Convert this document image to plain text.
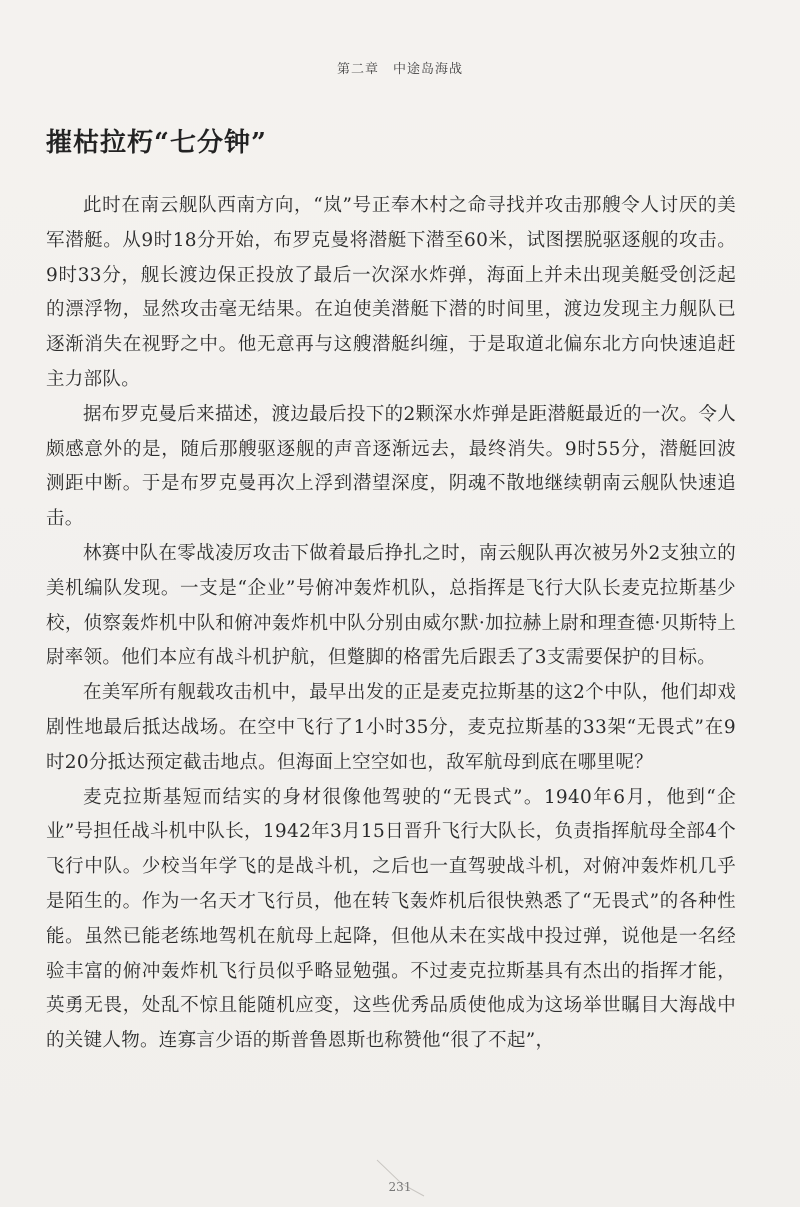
第二章 中途岛海战
摧枯拉朽“七分钟”

此时在南云舰队西南方向，“岚”号正奉木村之命寻找并攻击那艘令人讨厌的美军潜艇。从9时18分开始，布罗克曼将潜艇下潜至60米，试图摆脱驱逐舰的攻击。9时33分，舰长渡边保正投放了最后一次深水炸弹，海面上并未出现美艇受创泛起的漂浮物，显然攻击毫无结果。在迫使美潜艇下潜的时间里，渡边发现主力舰队已逐渐消失在视野之中。他无意再与这艘潜艇纠缠，于是取道北偏东北方向快速追赶主力部队。

据布罗克曼后来描述，渡边最后投下的2颗深水炸弹是距潜艇最近的一次。令人颇感意外的是，随后那艘驱逐舰的声音逐渐远去，最终消失。9时55分，潜艇回波测距中断。于是布罗克曼再次上浮到潜望深度，阴魂不散地继续朝南云舰队快速追击。

林赛中队在零战凌厉攻击下做着最后挣扎之时，南云舰队再次被另外2支独立的美机编队发现。一支是“企业”号俯冲轰炸机队，总指挥是飞行大队长麦克拉斯基少校，侦察轰炸机中队和俯冲轰炸机中队分别由威尔默·加拉赫上尉和理查德·贝斯特上尉率领。他们本应有战斗机护航，但蹩脚的格雷先后跟丢了3支需要保护的目标。

在美军所有舰载攻击机中，最早出发的正是麦克拉斯基的这2个中队，他们却戏剧性地最后抵达战场。在空中飞行了1小时35分，麦克拉斯基的33架“无畏式”在9时20分抵达预定截击地点。但海面上空空如也，敌军航母到底在哪里呢？

麦克拉斯基短而结实的身材很像他驾驶的“无畏式”。1940年6月，他到“企业”号担任战斗机中队长，1942年3月15日晋升飞行大队长，负责指挥航母全部4个飞行中队。少校当年学飞的是战斗机，之后也一直驾驶战斗机，对俯冲轰炸机几乎是陌生的。作为一名天才飞行员，他在转飞轰炸机后很快熟悉了“无畏式”的各种性能。虽然已能老练地驾机在航母上起降，但他从未在实战中投过弹，说他是一名经验丰富的俯冲轰炸机飞行员似乎略显勉强。不过麦克拉斯基具有杰出的指挥才能，英勇无畏，处乱不惊且能随机应变，这些优秀品质使他成为这场举世瞩目大海战中的关键人物。连寡言少语的斯普鲁恩斯也称赞他“很了不起”，

231
